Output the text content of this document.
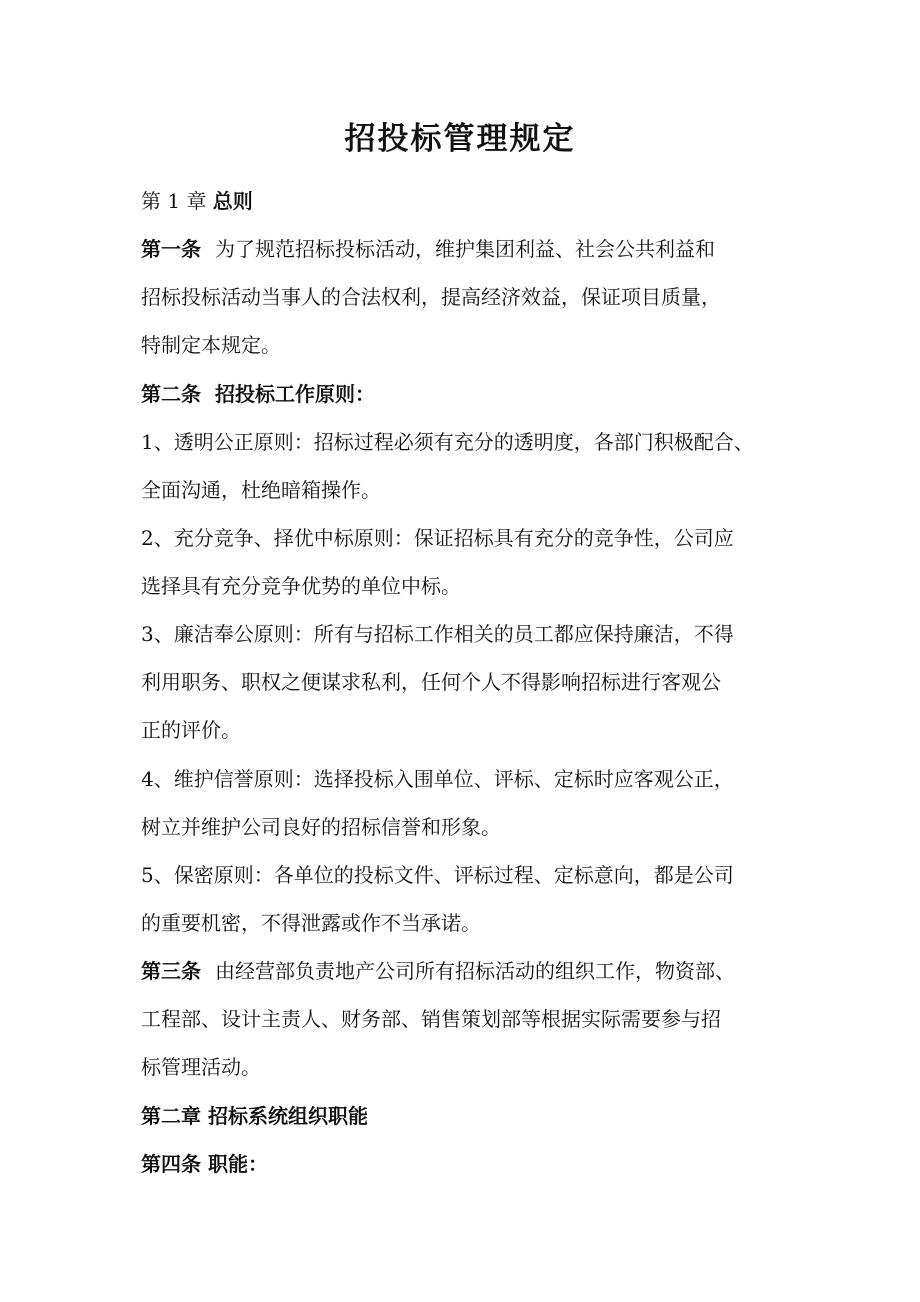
招投标管理规定

第 1 章 总则

第一条 为了规范招标投标活动，维护集团利益、社会公共利益和

招标投标活动当事人的合法权利，提高经济效益，保证项目质量，

特制定本规定。

第二条 招投标工作原则：

1、透明公正原则：招标过程必须有充分的透明度，各部门积极配合、

全面沟通，杜绝暗箱操作。

2、充分竞争、择优中标原则：保证招标具有充分的竞争性，公司应

选择具有充分竞争优势的单位中标。

3、廉洁奉公原则：所有与招标工作相关的员工都应保持廉洁，不得

利用职务、职权之便谋求私利，任何个人不得影响招标进行客观公

正的评价。

4、维护信誉原则：选择投标入围单位、评标、定标时应客观公正，

树立并维护公司良好的招标信誉和形象。

5、保密原则：各单位的投标文件、评标过程、定标意向，都是公司

的重要机密，不得泄露或作不当承诺。

第三条 由经营部负责地产公司所有招标活动的组织工作，物资部、

工程部、设计主责人、财务部、销售策划部等根据实际需要参与招

标管理活动。

第二章 招标系统组织职能

第四条 职能：
